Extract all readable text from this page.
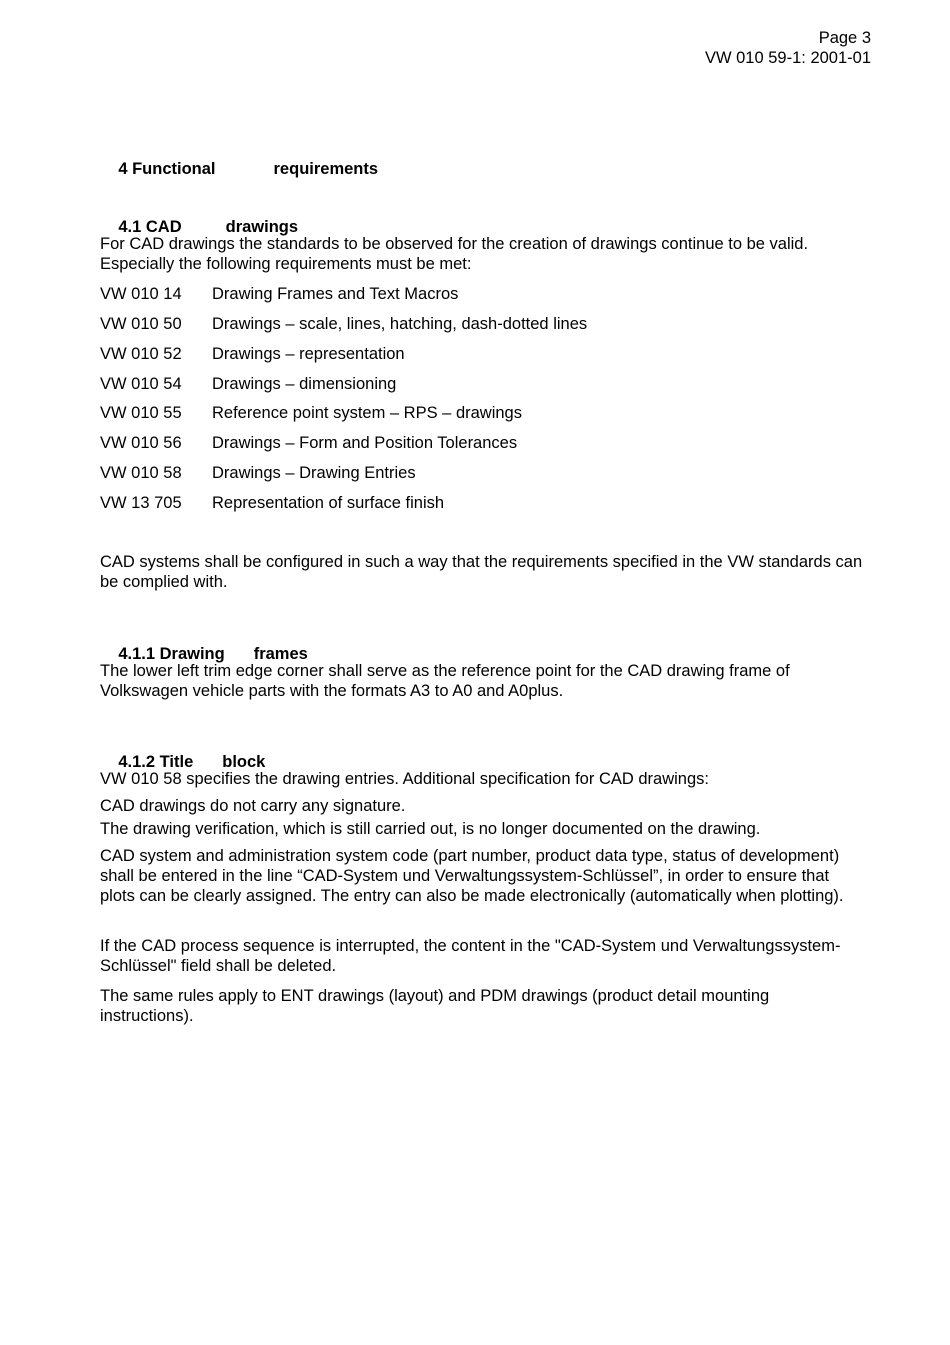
Page 3
VW 010 59-1: 2001-01

4 Functional	requirements

4.1 CAD	drawings

For CAD drawings the standards to be observed for the creation of drawings continue to be valid. Especially the following requirements must be met:
VW 010 14	Drawing Frames and Text Macros
VW 010 50	Drawings – scale, lines, hatching, dash-dotted lines
VW 010 52	Drawings – representation
VW 010 54	Drawings – dimensioning
VW 010 55	Reference point system – RPS – drawings
VW 010 56	Drawings – Form and Position Tolerances
VW 010 58	Drawings – Drawing Entries
VW 13 705	Representation of surface finish
CAD systems shall be configured in such a way that the requirements specified in the VW standards can be complied with.

4.1.1 Drawing frames

The lower left trim edge corner shall serve as the reference point for the CAD drawing frame of Volkswagen vehicle parts with the formats A3 to A0 and A0plus.

4.1.2 Title block

VW 010 58 specifies the drawing entries. Additional specification for CAD drawings:
CAD drawings do not carry any signature.
The drawing verification, which is still carried out, is no longer documented on the drawing.
CAD system and administration system code (part number, product data type, status of development) shall be entered in the line “CAD-System und Verwaltungssystem-Schlüssel”, in order to ensure that plots can be clearly assigned. The entry can also be made electronically (automatically when plotting).
If the CAD process sequence is interrupted, the content in the "CAD-System und Verwaltungssystem-Schlüssel" field shall be deleted.
The same rules apply to ENT drawings (layout) and PDM drawings (product detail mounting instructions).
